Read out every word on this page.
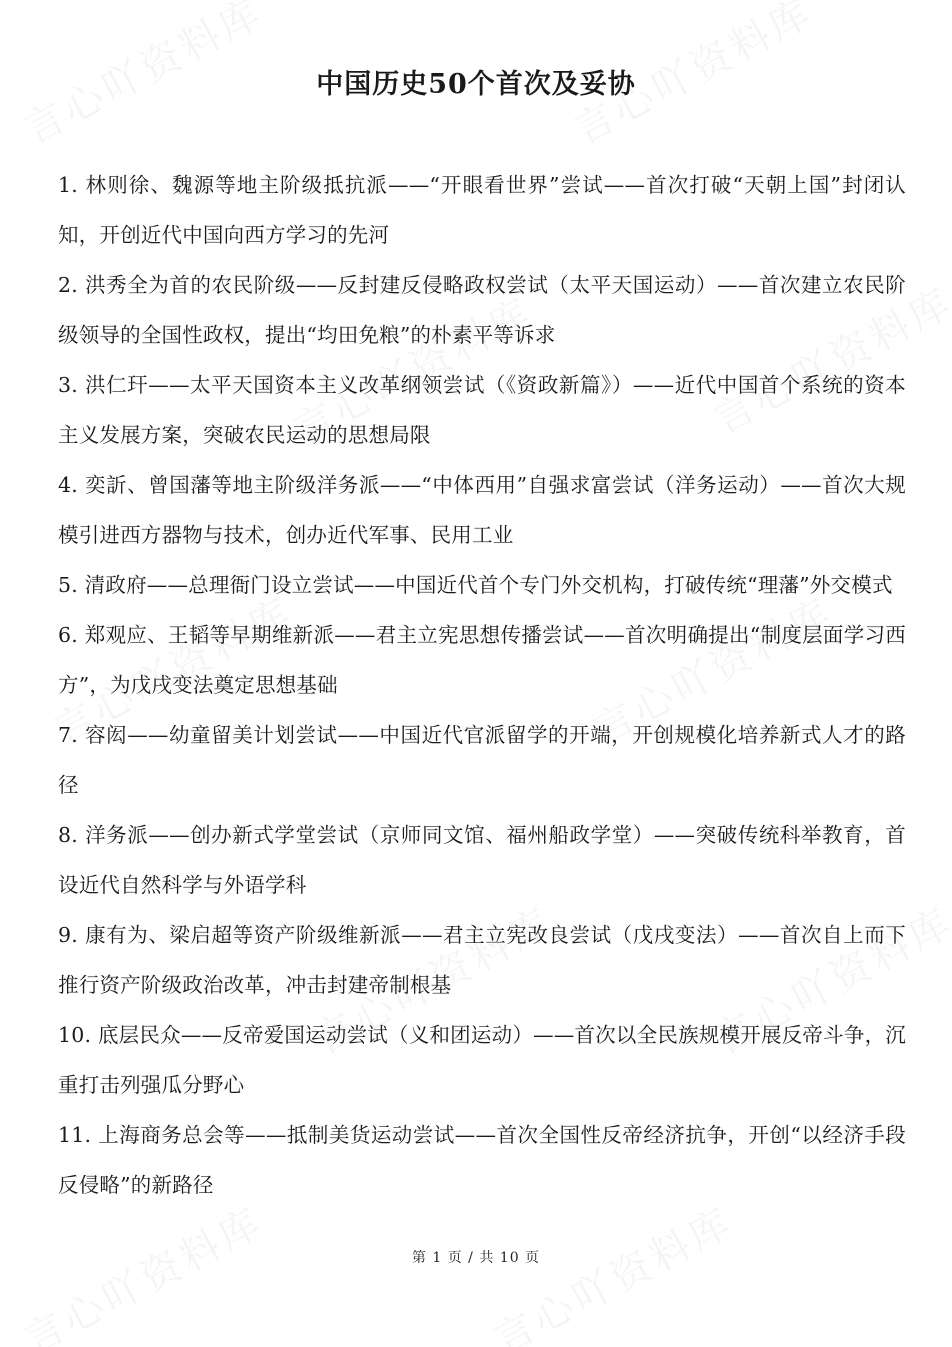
中国历史50个首次及妥协
1. 林则徐、魏源等地主阶级抵抗派——“开眼看世界”尝试——首次打破“天朝上国”封闭认知，开创近代中国向西方学习的先河
2. 洪秀全为首的农民阶级——反封建反侵略政权尝试（太平天国运动）——首次建立农民阶级领导的全国性政权，提出“均田免粮”的朴素平等诉求
3. 洪仁玕——太平天国资本主义改革纲领尝试（《资政新篇》）——近代中国首个系统的资本主义发展方案，突破农民运动的思想局限
4. 奕訢、曾国藩等地主阶级洋务派——“中体西用”自强求富尝试（洋务运动）——首次大规模引进西方器物与技术，创办近代军事、民用工业
5. 清政府——总理衙门设立尝试——中国近代首个专门外交机构，打破传统“理藩”外交模式
6. 郑观应、王韬等早期维新派——君主立宪思想传播尝试——首次明确提出“制度层面学习西方”，为戊戌变法奠定思想基础
7. 容闳——幼童留美计划尝试——中国近代官派留学的开端，开创规模化培养新式人才的路径
8. 洋务派——创办新式学堂尝试（京师同文馆、福州船政学堂）——突破传统科举教育，首设近代自然科学与外语学科
9. 康有为、梁启超等资产阶级维新派——君主立宪改良尝试（戊戌变法）——首次自上而下推行资产阶级政治改革，冲击封建帝制根基
10. 底层民众——反帝爱国运动尝试（义和团运动）——首次以全民族规模开展反帝斗争，沉重打击列强瓜分野心
11. 上海商务总会等——抵制美货运动尝试——首次全国性反帝经济抗争，开创“以经济手段反侵略”的新路径
第 1 页 / 共 10 页
